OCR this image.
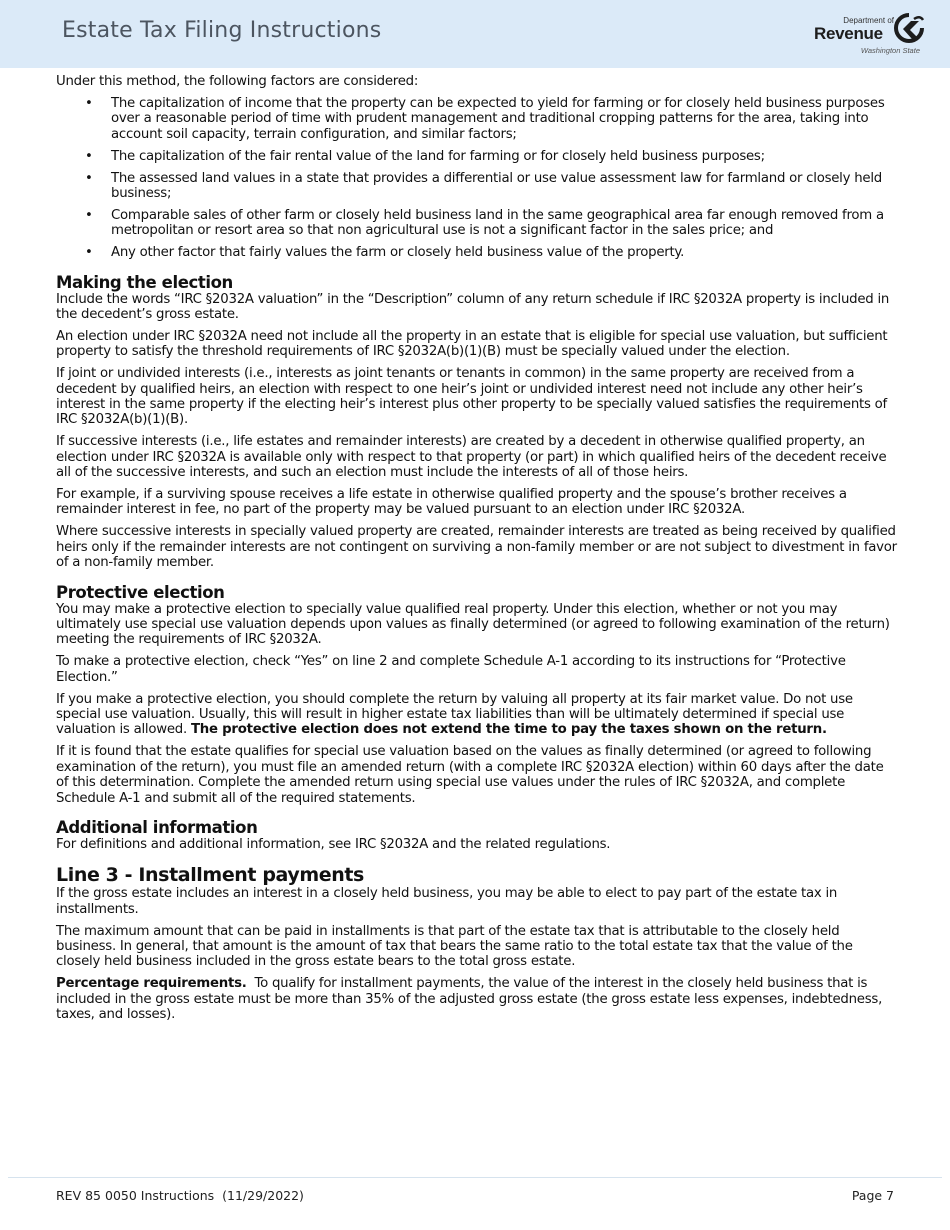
Estate Tax Filing Instructions	Department of
Revenue
Washington State

Under this method, the following factors are considered:

• The capitalization of income that the property can be expected to yield for farming or for closely held business purposes over a reasonable period of time with prudent management and traditional cropping patterns for the area, taking into account soil capacity, terrain configuration, and similar factors;
• The capitalization of the fair rental value of the land for farming or for closely held business purposes;
• The assessed land values in a state that provides a differential or use value assessment law for farmland or closely held business;
• Comparable sales of other farm or closely held business land in the same geographical area far enough removed from a metropolitan or resort area so that non agricultural use is not a significant factor in the sales price; and
• Any other factor that fairly values the farm or closely held business value of the property.
Making the election

Include the words “IRC §2032A valuation” in the “Description” column of any return schedule if IRC §2032A property is included in the decedent’s gross estate.

An election under IRC §2032A need not include all the property in an estate that is eligible for special use valuation, but sufficient property to satisfy the threshold requirements of IRC §2032A(b)(1)(B) must be specially valued under the election.

If joint or undivided interests (i.e., interests as joint tenants or tenants in common) in the same property are received from a decedent by qualified heirs, an election with respect to one heir’s joint or undivided interest need not include any other heir’s interest in the same property if the electing heir’s interest plus other property to be specially valued satisfies the requirements of IRC §2032A(b)(1)(B).

If successive interests (i.e., life estates and remainder interests) are created by a decedent in otherwise qualified property, an election under IRC §2032A is available only with respect to that property (or part) in which qualified heirs of the decedent receive all of the successive interests, and such an election must include the interests of all of those heirs.

For example, if a surviving spouse receives a life estate in otherwise qualified property and the spouse’s brother receives a remainder interest in fee, no part of the property may be valued pursuant to an election under IRC §2032A.

Where successive interests in specially valued property are created, remainder interests are treated as being received by qualified heirs only if the remainder interests are not contingent on surviving a non-family member or are not subject to divestment in favor of a non-family member.

Protective election

You may make a protective election to specially value qualified real property. Under this election, whether or not you may ultimately use special use valuation depends upon values as finally determined (or agreed to following examination of the return) meeting the requirements of IRC §2032A.

To make a protective election, check “Yes” on line 2 and complete Schedule A-1 according to its instructions for “Protective Election.”

If you make a protective election, you should complete the return by valuing all property at its fair market value. Do not use special use valuation. Usually, this will result in higher estate tax liabilities than will be ultimately determined if special use valuation is allowed. The protective election does not extend the time to pay the taxes shown on the return.

If it is found that the estate qualifies for special use valuation based on the values as finally determined (or agreed to following examination of the return), you must file an amended return (with a complete IRC §2032A election) within 60 days after the date of this determination. Complete the amended return using special use values under the rules of IRC §2032A, and complete Schedule A-1 and submit all of the required statements.

Additional information

For definitions and additional information, see IRC §2032A and the related regulations.

Line 3 - Installment payments

If the gross estate includes an interest in a closely held business, you may be able to elect to pay part of the estate tax in installments.

The maximum amount that can be paid in installments is that part of the estate tax that is attributable to the closely held business. In general, that amount is the amount of tax that bears the same ratio to the total estate tax that the value of the closely held business included in the gross estate bears to the total gross estate.

Percentage requirements.  To qualify for installment payments, the value of the interest in the closely held business that is included in the gross estate must be more than 35% of the adjusted gross estate (the gross estate less expenses, indebtedness, taxes, and losses).

REV 85 0050 Instructions  (11/29/2022)	Page 7
